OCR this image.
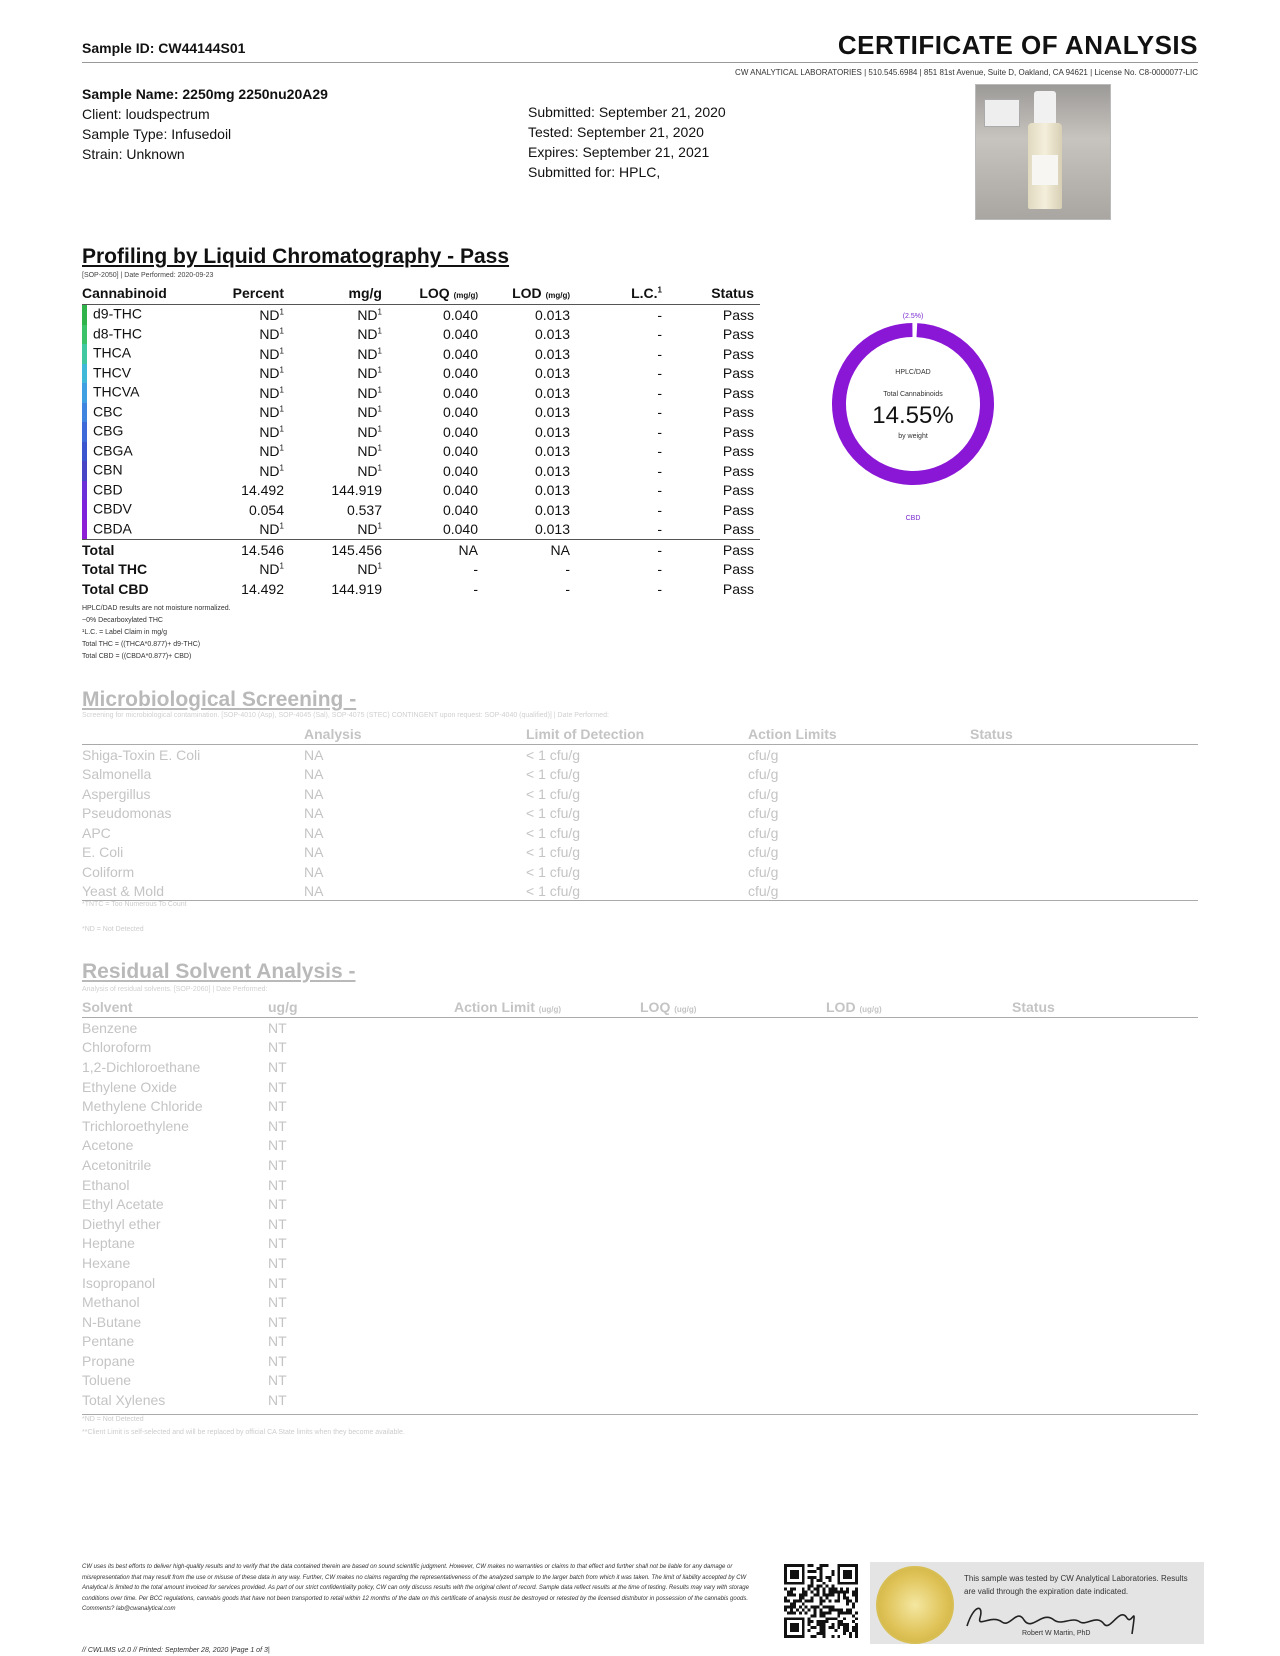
Sample ID: CW44144S01	CERTIFICATE OF ANALYSIS
CW ANALYTICAL LABORATORIES | 510.545.6984 | 851 81st Avenue, Suite D, Oakland, CA 94621 | License No. C8-0000077-LIC
Sample Name: 2250mg 2250nu20A29
Client: loudspectrum
Sample Type: Infusedoil
Strain: Unknown
Submitted: September 21, 2020
Tested: September 21, 2020
Expires: September 21, 2021
Submitted for: HPLC,
Profiling by Liquid Chromatography - Pass
[SOP-2050] | Date Performed: 2020-09-23
Cannabinoid	Percent	mg/g	LOQ (mg/g)	LOD (mg/g)	L.C.$^1$	Status
d9-THC	$ND^1$	$ND^1$	0.040	0.013	-	Pass
d8-THC	$ND^1$	$ND^1$	0.040	0.013	-	Pass
THCA	$ND^1$	$ND^1$	0.040	0.013	-	Pass
THCV	$ND^1$	$ND^1$	0.040	0.013	-	Pass
THCVA	$ND^1$	$ND^1$	0.040	0.013	-	Pass
CBC	$ND^1$	$ND^1$	0.040	0.013	-	Pass
CBG	$ND^1$	$ND^1$	0.040	0.013	-	Pass
CBGA	$ND^1$	$ND^1$	0.040	0.013	-	Pass
CBN	$ND^1$	$ND^1$	0.040	0.013	-	Pass
CBD	14.492	144.919	0.040	0.013	-	Pass
CBDV	0.054	0.537	0.040	0.013	-	Pass
CBDA	$ND^1$	$ND^1$	0.040	0.013	-	Pass
Total	14.546	145.456	NA	NA	-	Pass
Total THC	$ND^1$	$ND^1$	-	-	-	Pass
Total CBD	14.492	144.919	-	-	-	Pass
HPLC/DAD results are not moisture normalized.
~0% Decarboxylated THC
¹L.C. = Label Claim in mg/g
Total THC = ((THCA*0.877)+ d9-THC)
Total CBD = ((CBDA*0.877)+ CBD)
(2.5%)
HPLC/DAD
Total Cannabinoids
14.55%
by weight
CBD
Microbiological Screening -
Screening for microbiological contamination. [SOP-4010 (Asp), SOP-4045 (Sal), SOP-4075 (STEC) CONTINGENT upon request: SOP-4040 (qualified)] | Date Performed:
	Analysis	Limit of Detection	Action Limits	Status
Shiga-Toxin E. Coli	NA	< 1 cfu/g	cfu/g	
Salmonella	NA	< 1 cfu/g	cfu/g	
Aspergillus	NA	< 1 cfu/g	cfu/g	
Pseudomonas	NA	< 1 cfu/g	cfu/g	
APC	NA	< 1 cfu/g	cfu/g	
E. Coli	NA	< 1 cfu/g	cfu/g	
Coliform	NA	< 1 cfu/g	cfu/g	
Yeast & Mold	NA	< 1 cfu/g	cfu/g	
*TNTC = Too Numerous To Count
*ND = Not Detected
Residual Solvent Analysis -
Analysis of residual solvents. [SOP-2060] | Date Performed:
Solvent	ug/g	Action Limit (ug/g)	LOQ (ug/g)	LOD (ug/g)	Status
Benzene	NT				
Chloroform	NT				
1,2-Dichloroethane	NT				
Ethylene Oxide	NT				
Methylene Chloride	NT				
Trichloroethylene	NT				
Acetone	NT				
Acetonitrile	NT				
Ethanol	NT				
Ethyl Acetate	NT				
Diethyl ether	NT				
Heptane	NT				
Hexane	NT				
Isopropanol	NT				
Methanol	NT				
N-Butane	NT				
Pentane	NT				
Propane	NT				
Toluene	NT				
Total Xylenes	NT				
*ND = Not Detected
**Client Limit is self-selected and will be replaced by official CA State limits when they become available.
CW uses its best efforts to deliver high-quality results and to verify that the data contained therein are based on sound scientific judgment. However, CW makes no warranties or claims to that effect and further shall not be liable for any damage or misrepresentation that may result from the use or misuse of these data in any way. Further, CW makes no claims regarding the representativeness of the analyzed sample to the larger batch from which it was taken. The limit of liability accepted by CW Analytical is limited to the total amount invoiced for services provided. As part of our strict confidentiality policy, CW can only discuss results with the original client of record. Sample data reflect results at the time of testing. Results may vary with storage conditions over time. Per BCC regulations, cannabis goods that have not been transported to retail within 12 months of the date on this certificate of analysis must be destroyed or retested by the licensed distributor in possession of the cannabis goods. Comments? lab@cwanalytical.com
This sample was tested by CW Analytical Laboratories. Results are valid through the expiration date indicated.
Robert W Martin, PhD
// CWLIMS v2.0 // Printed: September 28, 2020 |Page 1 of 3|
